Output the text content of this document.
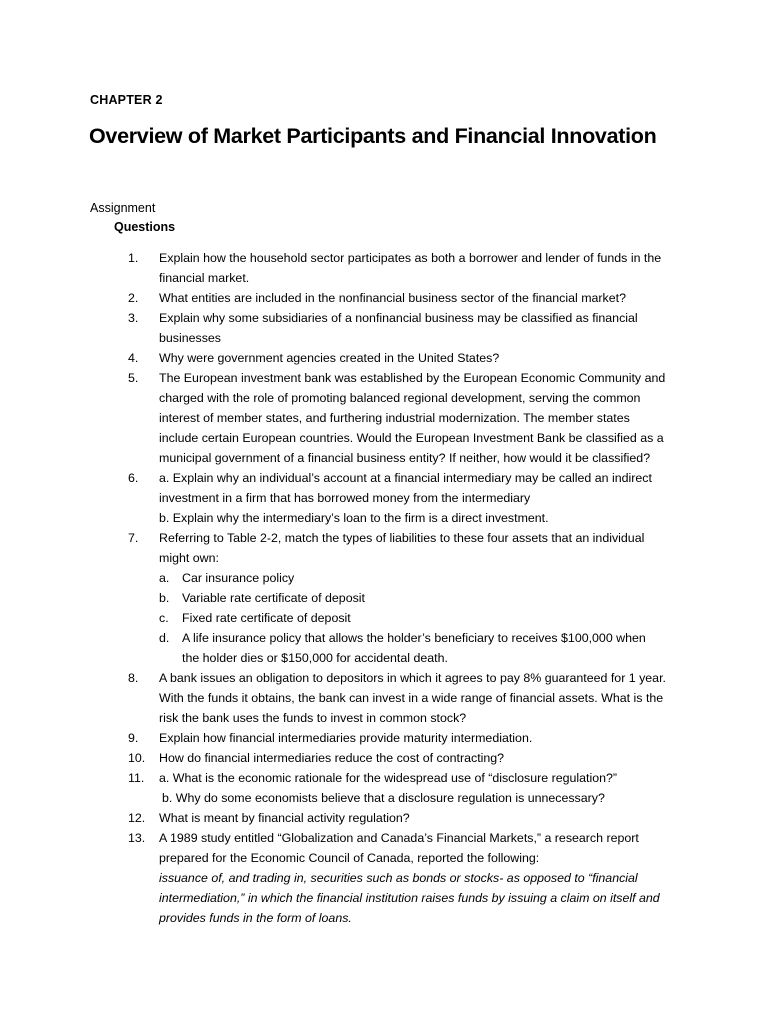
CHAPTER 2
Overview of Market Participants and Financial Innovation
Assignment
Questions
1.	Explain how the household sector participates as both a borrower and lender of funds in the
financial market.
2.	What entities are included in the nonfinancial business sector of the financial market?
3.	Explain why some subsidiaries of a nonfinancial business may be classified as financial
businesses
4.	Why were government agencies created in the United States?
5.	The European investment bank was established by the European Economic Community and
charged with the role of promoting balanced regional development, serving the common
interest of member states, and furthering industrial modernization. The member states
include certain European countries. Would the European Investment Bank be classified as a
municipal government of a financial business entity? If neither, how would it be classified?
6.	a. Explain why an individual’s account at a financial intermediary may be called an indirect
investment in a firm that has borrowed money from the intermediary
b. Explain why the intermediary’s loan to the firm is a direct investment.
7.	Referring to Table 2-2, match the types of liabilities to these four assets that an individual
might own:
a. Car insurance policy
b. Variable rate certificate of deposit
c. Fixed rate certificate of deposit
d. A life insurance policy that allows the holder’s beneficiary to receives $100,000 when
the holder dies or $150,000 for accidental death.
8.	A bank issues an obligation to depositors in which it agrees to pay 8% guaranteed for 1 year.
With the funds it obtains, the bank can invest in a wide range of financial assets. What is the
risk the bank uses the funds to invest in common stock?
9.	Explain how financial intermediaries provide maturity intermediation.
10.	How do financial intermediaries reduce the cost of contracting?
11.	a. What is the economic rationale for the widespread use of “disclosure regulation?”
b. Why do some economists believe that a disclosure regulation is unnecessary?
12.	What is meant by financial activity regulation?
13.	A 1989 study entitled “Globalization and Canada’s Financial Markets,” a research report
prepared for the Economic Council of Canada, reported the following:
issuance of, and trading in, securities such as bonds or stocks- as opposed to “financial
intermediation,” in which the financial institution raises funds by issuing a claim on itself and
provides funds in the form of loans.
